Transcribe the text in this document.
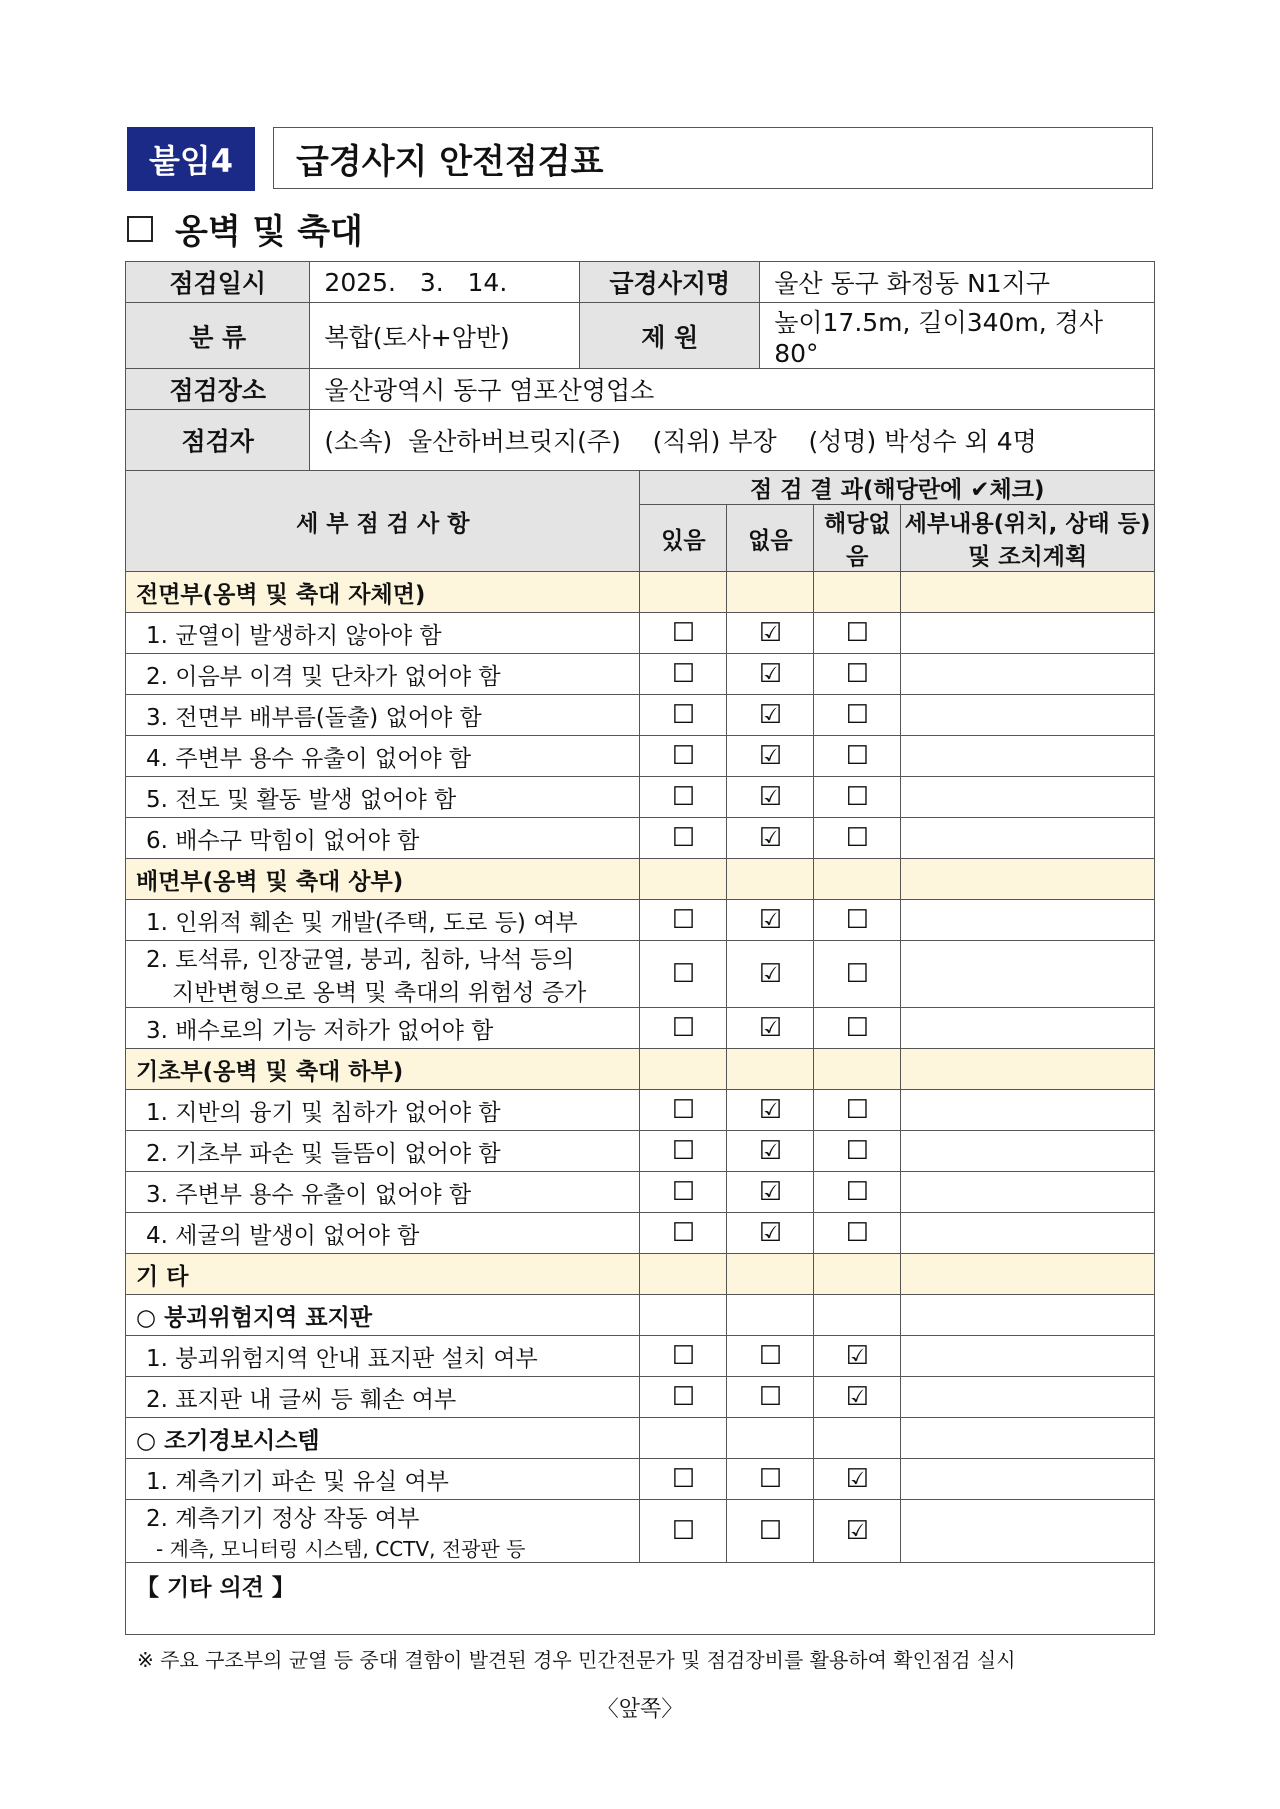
붙임4	급경사지 안전점검표
옹벽 및 축대
점검일시	2025.   3.   14.	급경사지명	울산 동구 화정동 N1지구
분 류	복합(토사+암반)	제 원	높이17.5m, 길이340m, 경사 80°
점검장소	울산광역시 동구 염포산영업소		
점검자	(소속)  울산하버브릿지(주)    (직위) 부장    (성명) 박성수 외 4명		
세 부 점 검 사 항	점 검 결 과(해당란에 ✔체크)			
	있음	없음	해당없음	세부내용(위치, 상태 등) 및 조치계획
전면부(옹벽 및 축대 자체면)				
1. 균열이 발생하지 않아야 함	☐	☑	☐	
2. 이음부 이격 및 단차가 없어야 함	☐	☑	☐	
3. 전면부 배부름(돌출) 없어야 함	☐	☑	☐	
4. 주변부 용수 유출이 없어야 함	☐	☑	☐	
5. 전도 및 활동 발생 없어야 함	☐	☑	☐	
6. 배수구 막힘이 없어야 함	☐	☑	☐	
배면부(옹벽 및 축대 상부)				
1. 인위적 훼손 및 개발(주택, 도로 등) 여부	☐	☑	☐	

2. 토석류, 인장균열, 붕괴, 침하, 낙석 등의
지반변형으로 옹벽 및 축대의 위험성 증가	☐	☑	☐	
3. 배수로의 기능 저하가 없어야 함	☐	☑	☐	
기초부(옹벽 및 축대 하부)				
1. 지반의 융기 및 침하가 없어야 함	☐	☑	☐	
2. 기초부 파손 및 들뜸이 없어야 함	☐	☑	☐	
3. 주변부 용수 유출이 없어야 함	☐	☑	☐	
4. 세굴의 발생이 없어야 함	☐	☑	☐	
기 타				
○ 붕괴위험지역 표지판				
1. 붕괴위험지역 안내 표지판 설치 여부	☐	☐	☑	
2. 표지판 내 글씨 등 훼손 여부	☐	☐	☑	
○ 조기경보시스템				
1. 계측기기 파손 및 유실 여부	☐	☐	☑	

2. 계측기기 정상 작동 여부
- 계측, 모니터링 시스템, CCTV, 전광판 등	☐	☐	☑	
【 기타 의견 】				
※ 주요 구조부의 균열 등 중대 결함이 발견된 경우 민간전문가 및 점검장비를 활용하여 확인점검 실시
〈앞쪽〉
